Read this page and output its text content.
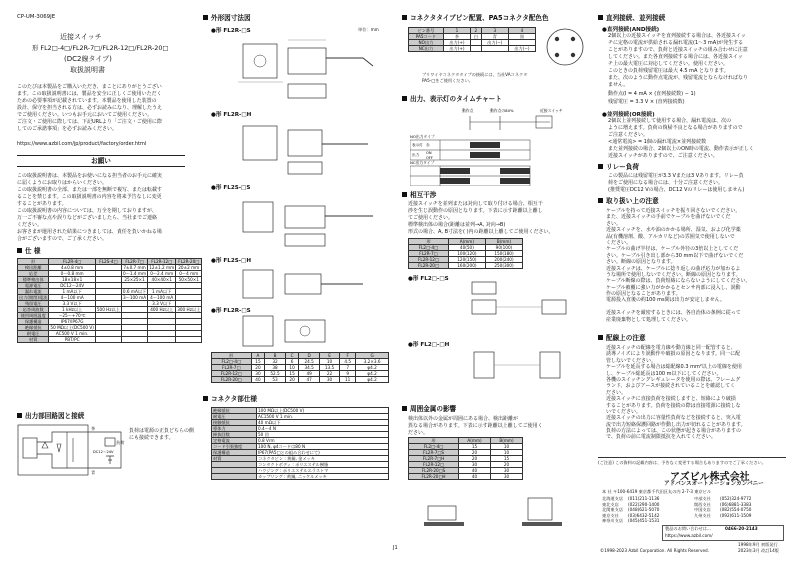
CP-UM-3069JE
近接スイッチ
形 FL2□-4□/FL2R-7□/FL2R-12□/FL2R-20□
(DC2線タイプ)
取扱説明書
このたびは本製品をご購入いただき、まことにありがとうござい
ます。この取扱説明書には、製品を安全に正しくご使用いただく
ための必要事項が記載されています。本製品を使用した装置の
設計、保守を担当される方は、必ずお読みになり、理解したうえ
でご使用ください。いつもお手元においてご使用ください。
ご注文・ご使用に際しては、下記URLより「ご注文・ご使用に際
してのご承諾事項」を必ずお読みください。
https://www.azbil.com/jp/product/factory/order.html
お願い
この取扱説明書は、本製品をお使いになる担当者のお手元に確実
に届くようにお取りはからいください。
この取扱説明書の全部、または一部を無断で複写、または転載す
ることを禁じます。この取扱説明書の内容を将来予告なしに変更
することがあります。
この取扱説明書の内容については、万全を期しておりますが、
万一ご不審な点や誤りなどがございましたら、当社までご連絡
ください。
お客さまが運用された結果につきましては、責任を負いかねる場
合がございますので、ご了承ください。
仕 様
形	FL2R-4□	FL2S-4□	FL2R-7□	FL2R-12□	FL2R-20□
検出距離	4±0.8 mm		7±0.7 mm	12±1.2 mm	20±2 mm
応差	0〜0.8 mm		0〜1.4 mm	0〜2.4 mm	0〜4 mm
標準検出体	18×18×1		25×25×1	40×40×1	50×50×1
電源電圧	DC12〜24V				
漏れ電流	1 mA以下		0.6 mA以下	1 mA以下	
出力(開閉)電流	4〜100 mA		3〜100 mA	4〜100 mA	
残留電圧	3.3 V以下			3.3 V以下	
応答周波数	1 kHz以上	500 Hz以上		400 Hz以上	300 Hz以上
使用周囲温度	−25〜+70℃				
保護構造	IP67/IP67G				
絶縁抵抗	50 MΩ以上(DC500 V)				
耐電圧	AC500 V 1 min.				
材質	PBT/PC				
出力部回路図と接続
茶
青
負荷
DC12〜24V
負荷は電源の正負どちらの側
にも接続できます。
外形図寸法図
単位：mm
● 形 FL2R-□S
● 形 FL2R-□H
● 形 FL2S-□S
● 形 FL2S-□H
● 形 FL2R-□S
形	A	B	C	D	E	F	G
FL2□-4□	15	32	6	24.5	10	4.5	3.2×3.6
FL2R-7□	20	38	10	34.5	13.5	7	φ4.2
FL2R-12□	30	52.5	15	49	22	9	φ4.2
FL2R-20□	40	53	20	47	30	11	φ4.2
コネクタ部仕様
絶縁抵抗	100 MΩ以上(DC500 V)
耐電圧	AC1500 V 1 min.
接触抵抗	40 mΩ以下
導体力	0.4〜4 N
挿抜回数	50 回
定格電流	0.8 Vrm
コード引張強度	100 N, φ4コードは80 N
保護構造	IP67(PA5□との組み合わせにて)
材質	コネクタピン : 黄銅, 金メッキ
	コンタクトボディ : ポリエステル樹脂
	ハウジング : ポリエステルエラストマ
	カップリング : 黄銅, ニッケルメッキ
J1
コネクタタイプピン配置、PA5コネクタ配色色
ピン番号	1	2	3	4
PA5コード	茶	白	青	黒
NO出力	出力(+)		出力(−)	
NC出力	出力(+)			出力(−)
プリワイヤコネクタタイプの接続には、当社VAコネクタ
PA5-□をご使用ください。
出力、表示灯のタイムチャート
動作点	動作点の80%	近接スイッチ
NO出力タイプ
NC出力タイプ
表示灯
出力
赤
ON
OFF
相互干渉
近接スイッチを並列または対向して取り付ける場合、相互干
渉を生じ誤動作の原因となります。下表に示す距離以上離し
てご使用ください。
標準検出体の場合(距離は並列→A, 対向→B)
形式の場合、A, B寸法を( )内の距離以上離してご使用ください。
形	A(mm)	B(mm)
FL2□-4□	40(50)	90(100)
FL2R-7□	100(120)	150(180)
FL2R-12□	120(150)	200(240)
FL2R-20□	160(200)	250(300)
● 形 FL2□-□S
● 形 FL2□-□H
周囲金属の影響
検出体以外の金属が周囲にある場合、検出距離が
異なる場合があります。下表に示す距離以上離してご使用く
ださい。
形	A(mm)	B(mm)
FL2□-4□	15	10
FL2R-7□S	20	10
FL2R-7□H	20	15
FL2R-12□	30	20
FL2R-20□S	40	30
FL2R-20□H	40	30
直列接続、並列接続
● 直列接続(AND接続)
2個以上の近接スイッチを直列接続する場合は、各近接スイッ
チに定格の電流が供給される漏れ電流(1〜3 mA)が発生する
ことがありますので、負荷と近接スイッチの組み合わせに注意
してください。また各直列接続する場合には、各近接スイッ
チ上の最大電圧に対応してください。使用ください。
このときの負荷残留電圧は最大 4.5 mA となります。
また、次のように動作点電流が、残留電流とならなければなり
ません。
動作点(I = 4 mA × (直列接続数) − 1)
残留電圧 = 3.3 V × (直列接続数)
● 並列接続(OR接続)
2個以上並列接続して使用する場合、漏れ電流は、次の
ように増えます。負荷の復帰不良となる場合がありますので
ご注意ください。
<通常電流> = 1個の漏れ電流×並列接続数
また並列接続の場合、2個以上のON時の電流、動作表示が正しく
近接スイッチがありますので、ご注意ください。
リレー負荷
この製品には残留電圧が3.3 Vまたは3 Vあります。リレー負
荷をご使用になる場合には、十分ご注意ください。
(推奨電圧DC12 Vの場合、DC12 Vのリレーは使用しません)
取り扱い上の注意
ケーブルを持って近接スイッチを振り回さないでください。
また、近接スイッチの手前でケーブルを曲げないでくだ
さい。
近接スイッチを、水や油のかかる場所、湿気、および化学薬
品(有機溶剤、酸、アルカリなど)の雰囲気で使用しないで
ください。
ケーブルの曲げ半径は、ケーブル外径の3倍以上としてくだ
さい。ケーブル引き出し部から30 mm以下で曲げないでくだ
さい。断線の原因となります。
近接スイッチは、ケーブルに捻り返しの曲げ応力が加わるよ
うな場所で使用しないでください。断線の原因となります。
ケーブル断線の際は、負荷短絡にならないようにしてください。
ケーブル被覆に強い力がかかるとセンサ内部に浸入し、誤動
作の原因となることがあります。
電源投入直後の約100 ms間は出力が安定しません。
近接スイッチを厳密するときには、各自治体の条例に従って
産業廃棄物として処理してください。
配線上の注意
近接スイッチの配線を電力線や動力線と同一配管すると、
誘導ノイズにより誤動作や破損の原因となります。同一に配
管しないでください。
ケーブルを延長する場合は総配線0.3 mm²以上の電線を使用
し、ケーブル総延長は100 m以下にしてください。
各機のスイッチングレギュレータを使用の際は、フレームグ
ランド、およびアースが接続されていることを確認してく
ださい。
近接スイッチに直接負荷を接続しますと、短絡により破損
することがあります。負荷を接続の際は直接電源に接続しな
いでください。
近接スイッチの出力に容量性負荷などを接続すると、突入電
流で出力短絡保護回路が作動し出力が切れることがあります。
負荷の方法によっては、この状態が起きる場合がありますの
で、負荷の前に電流制限抵抗を入れてください。
(ご注意) この資料の記載内容は、予告なく変更する場合もありますのでご了承ください。
アズビル株式会社
アドバンスオートメーションカンパニー
本 社 〒100-6419 東京都千代田区丸の内 2-7-3 東京ビル
北海道支店 (011)211-1136	中部支社 (052)324-9772
東北支店 (022)290-1400	関西支社 (06)6881-3383
北関東支店 (048)621-5070	中国支店 (082)554-0750
東京支社 (03)6432-5142	九州支社 (092)611-1509
神奈川支店 (045)451-1531
製品のお問い合わせは...	0466-20-2143
https://www.azbil.com/
1998年9月 初版発行
2023年3月 改訂14版
©1998-2023 Azbil Corporation. All Rights Reserved.
